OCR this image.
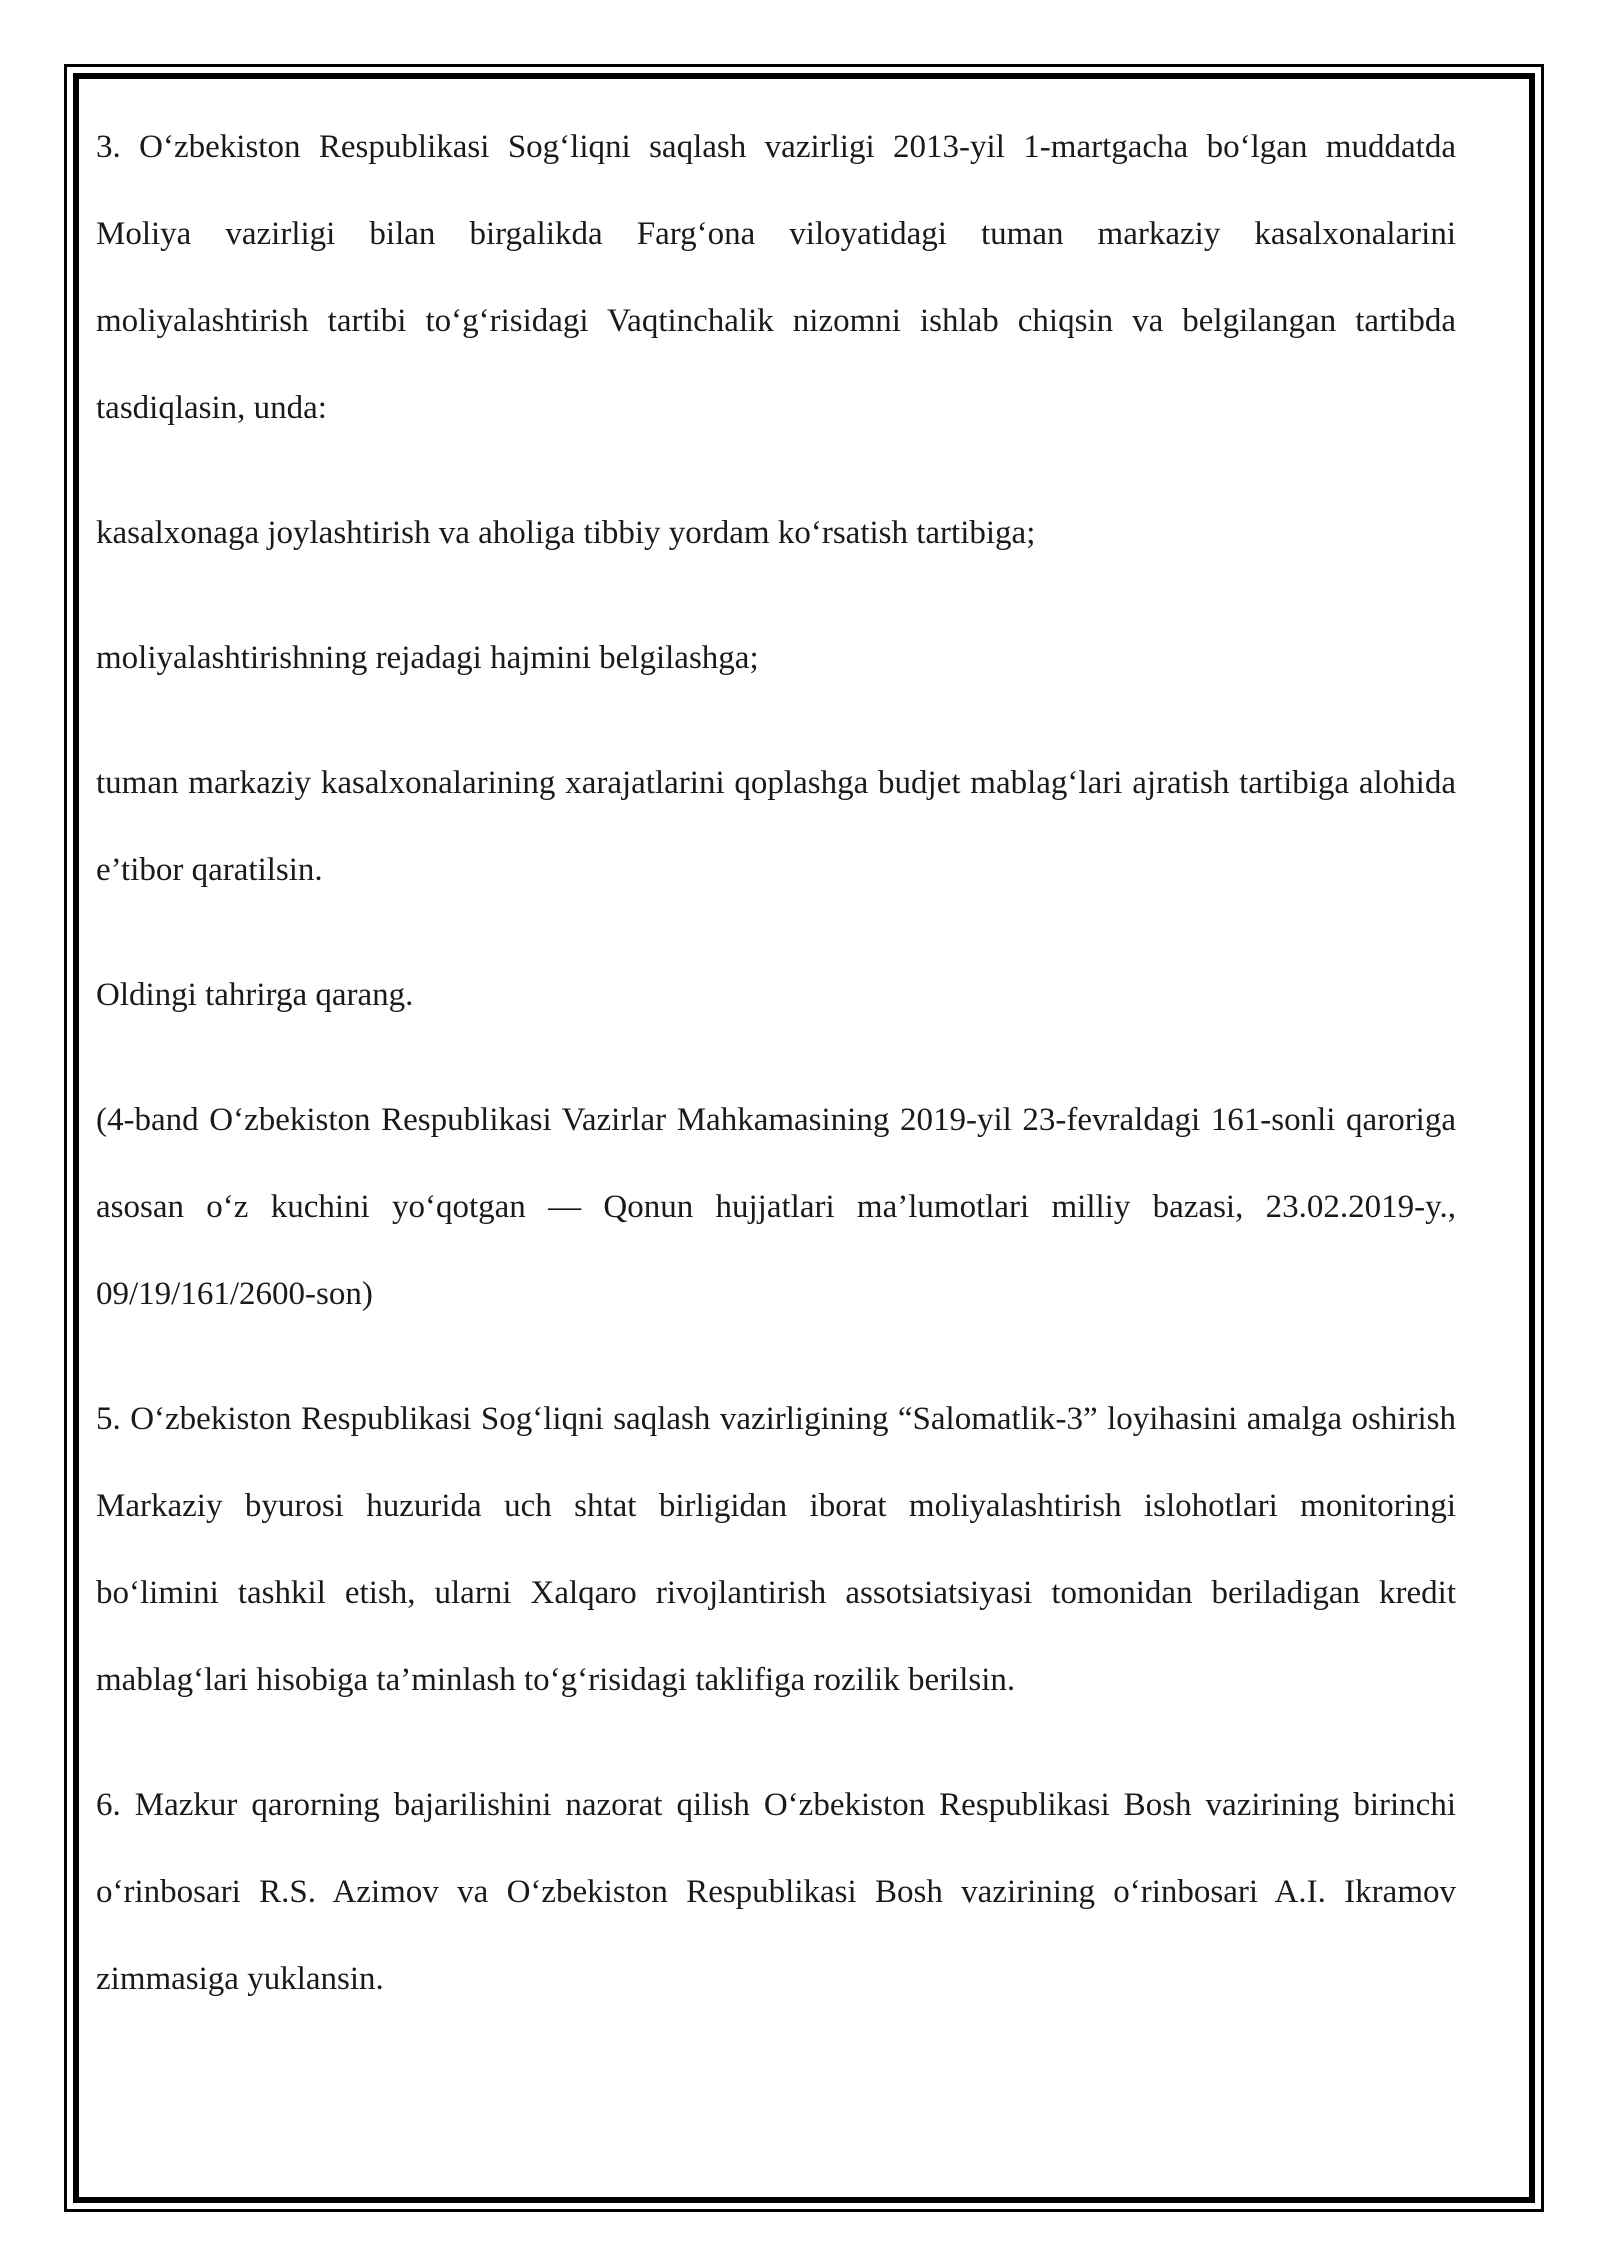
3. O‘zbekiston Respublikasi Sog‘liqni saqlash vazirligi 2013-yil 1-martgacha bo‘lgan muddatda Moliya vazirligi bilan birgalikda Farg‘ona viloyatidagi tuman markaziy kasalxonalarini moliyalashtirish tartibi to‘g‘risidagi Vaqtinchalik nizomni ishlab chiqsin va belgilangan tartibda tasdiqlasin, unda:

kasalxonaga joylashtirish va aholiga tibbiy yordam ko‘rsatish tartibiga;

moliyalashtirishning rejadagi hajmini belgilashga;

tuman markaziy kasalxonalarining xarajatlarini qoplashga budjet mablag‘lari ajratish tartibiga alohida e’tibor qaratilsin.

Oldingi tahrirga qarang.

(4-band O‘zbekiston Respublikasi Vazirlar Mahkamasining 2019-yil 23-fevraldagi 161-sonli qaroriga asosan o‘z kuchini yo‘qotgan — Qonun hujjatlari ma’lumotlari milliy bazasi, 23.02.2019-y., 09/19/161/2600-son)

5. O‘zbekiston Respublikasi Sog‘liqni saqlash vazirligining “Salomatlik-3” loyihasini amalga oshirish Markaziy byurosi huzurida uch shtat birligidan iborat moliyalashtirish islohotlari monitoringi bo‘limini tashkil etish, ularni Xalqaro rivojlantirish assotsiatsiyasi tomonidan beriladigan kredit mablag‘lari hisobiga ta’minlash to‘g‘risidagi taklifiga rozilik berilsin.

6. Mazkur qarorning bajarilishini nazorat qilish O‘zbekiston Respublikasi Bosh vazirining birinchi o‘rinbosari R.S. Azimov va O‘zbekiston Respublikasi Bosh vazirining o‘rinbosari A.I. Ikramov zimmasiga yuklansin.
